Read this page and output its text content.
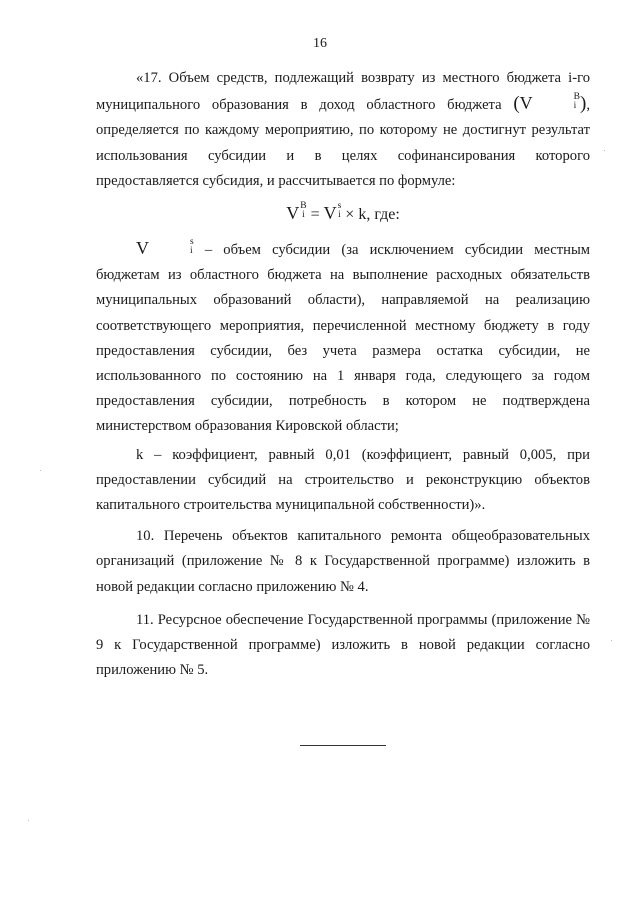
16

«17. Объем средств, подлежащий возврату из местного бюджета i-го муниципального образования в доход областного бюджета (V	B
i ), определяется по каждому мероприятию, по которому не достигнут результат использования субсидии и в целях софинансирования которого предоставляется субсидия, и рассчитывается по формуле:

V B
i = V s
i × k, где:

V	s
i – объем субсидии (за исключением субсидии местным бюджетам из областного бюджета на выполнение расходных обязательств муниципальных образований области), направляемой на реализацию соответствующего мероприятия, перечисленной местному бюджету в году предоставления субсидии, без учета размера остатка субсидии, не использованного по состоянию на 1 января года, следующего за годом предоставления субсидии, потребность в котором не подтверждена министерством образования Кировской области;

k – коэффициент, равный 0,01 (коэффициент, равный 0,005, при предоставлении субсидий на строительство и реконструкцию объектов капитального строительства муниципальной собственности)».

10. Перечень объектов капитального ремонта общеобразовательных организаций (приложение № 8 к Государственной программе) изложить в новой редакции согласно приложению № 4.

11. Ресурсное обеспечение Государственной программы (приложение № 9 к Государственной программе) изложить в новой редакции согласно приложению № 5.
